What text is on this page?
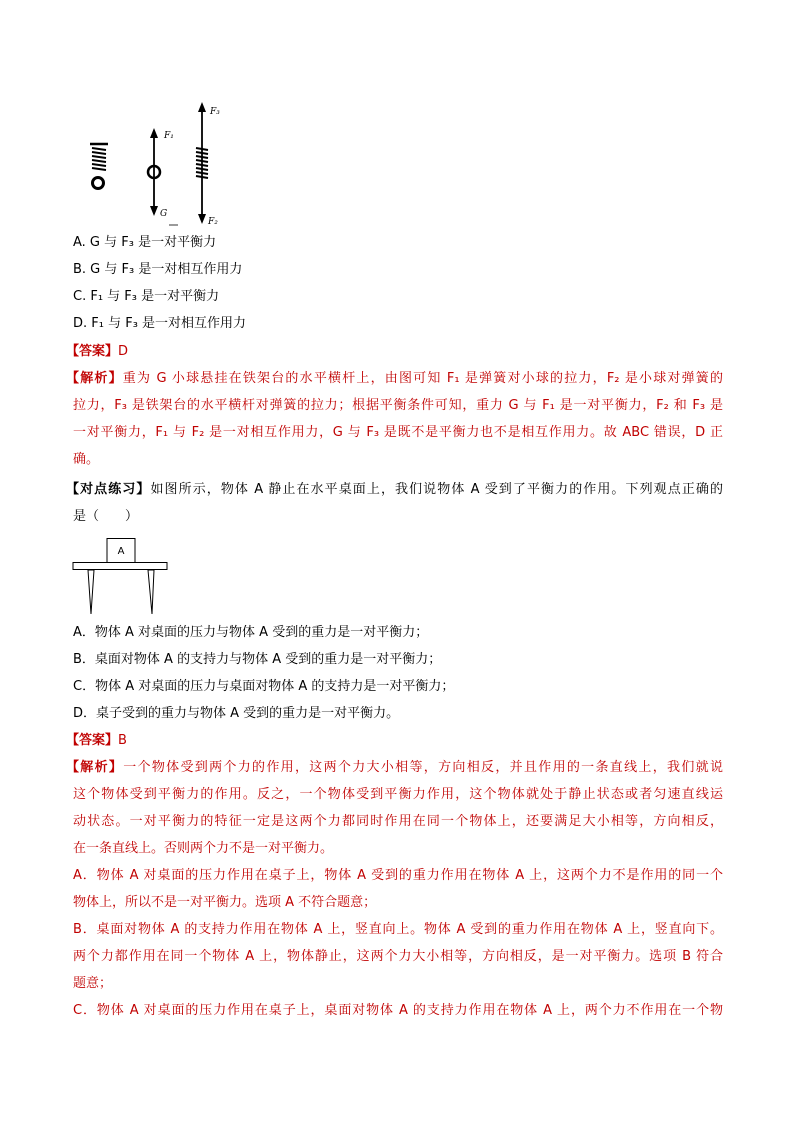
F₁
G
F₃
F₂
A. G 与 F₃ 是一对平衡力
B. G 与 F₃ 是一对相互作用力
C. F₁ 与 F₃ 是一对平衡力
D. F₁ 与 F₃ 是一对相互作用力
【答案】D
【解析】重为 G 小球悬挂在铁架台的水平横杆上，由图可知 F₁ 是弹簧对小球的拉力，F₂ 是小球对弹簧的
拉力，F₃ 是铁架台的水平横杆对弹簧的拉力；根据平衡条件可知，重力 G 与 F₁ 是一对平衡力，F₂ 和 F₃ 是
一对平衡力，F₁ 与 F₂ 是一对相互作用力，G 与 F₃ 是既不是平衡力也不是相互作用力。故 ABC 错误，D 正
确。
【对点练习】如图所示，物体 A 静止在水平桌面上，我们说物体 A 受到了平衡力的作用。下列观点正确的
是（　　）
A
A．物体 A 对桌面的压力与物体 A 受到的重力是一对平衡力；
B．桌面对物体 A 的支持力与物体 A 受到的重力是一对平衡力；
C．物体 A 对桌面的压力与桌面对物体 A 的支持力是一对平衡力；
D．桌子受到的重力与物体 A 受到的重力是一对平衡力。
【答案】B
【解析】一个物体受到两个力的作用，这两个力大小相等，方向相反，并且作用的一条直线上，我们就说
这个物体受到平衡力的作用。反之，一个物体受到平衡力作用，这个物体就处于静止状态或者匀速直线运
动状态。一对平衡力的特征一定是这两个力都同时作用在同一个物体上，还要满足大小相等，方向相反，
在一条直线上。否则两个力不是一对平衡力。
A．物体 A 对桌面的压力作用在桌子上，物体 A 受到的重力作用在物体 A 上，这两个力不是作用的同一个
物体上，所以不是一对平衡力。选项 A 不符合题意；
B．桌面对物体 A 的支持力作用在物体 A 上，竖直向上。物体 A 受到的重力作用在物体 A 上，竖直向下。
两个力都作用在同一个物体 A 上，物体静止，这两个力大小相等，方向相反，是一对平衡力。选项 B 符合
题意；
C．物体 A 对桌面的压力作用在桌子上，桌面对物体 A 的支持力作用在物体 A 上，两个力不作用在一个物
